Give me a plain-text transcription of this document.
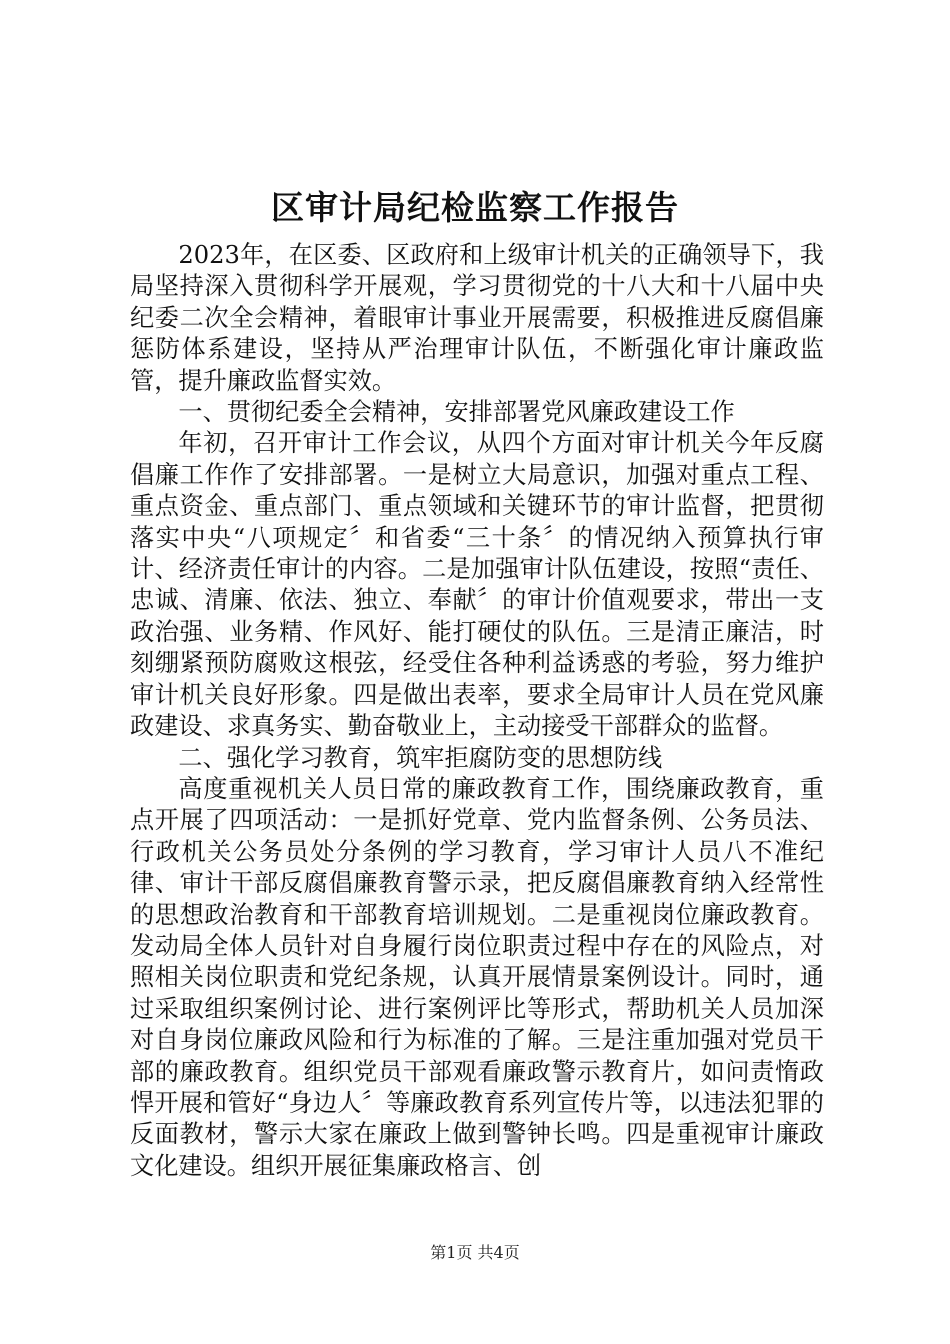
区审计局纪检监察工作报告

2023年，在区委、区政府和上级审计机关的正确领导下，我局坚持深入贯彻科学开展观，学习贯彻党的十八大和十八届中央纪委二次全会精神，着眼审计事业开展需要，积极推进反腐倡廉惩防体系建设，坚持从严治理审计队伍，不断强化审计廉政监管，提升廉政监督实效。

一、贯彻纪委全会精神，安排部署党风廉政建设工作

年初，召开审计工作会议，从四个方面对审计机关今年反腐倡廉工作作了安排部署。一是树立大局意识，加强对重点工程、重点资金、重点部门、重点领域和关键环节的审计监督，把贯彻落实中央“八项规定〞和省委“三十条〞的情况纳入预算执行审计、经济责任审计的内容。二是加强审计队伍建设，按照“责任、忠诚、清廉、依法、独立、奉献〞的审计价值观要求，带出一支政治强、业务精、作风好、能打硬仗的队伍。三是清正廉洁，时刻绷紧预防腐败这根弦，经受住各种利益诱惑的考验，努力维护审计机关良好形象。四是做出表率，要求全局审计人员在党风廉政建设、求真务实、勤奋敬业上，主动接受干部群众的监督。

二、强化学习教育，筑牢拒腐防变的思想防线

高度重视机关人员日常的廉政教育工作，围绕廉政教育，重点开展了四项活动：一是抓好党章、党内监督条例、公务员法、行政机关公务员处分条例的学习教育，学习审计人员八不准纪律、审计干部反腐倡廉教育警示录，把反腐倡廉教育纳入经常性的思想政治教育和干部教育培训规划。二是重视岗位廉政教育。发动局全体人员针对自身履行岗位职责过程中存在的风险点，对照相关岗位职责和党纪条规，认真开展情景案例设计。同时，通过采取组织案例讨论、进行案例评比等形式，帮助机关人员加深对自身岗位廉政风险和行为标准的了解。三是注重加强对党员干部的廉政教育。组织党员干部观看廉政警示教育片，如问责惰政悍开展和管好“身边人〞等廉政教育系列宣传片等，以违法犯罪的反面教材，警示大家在廉政上做到警钟长鸣。四是重视审计廉政文化建设。组织开展征集廉政格言、创

第1页 共4页
